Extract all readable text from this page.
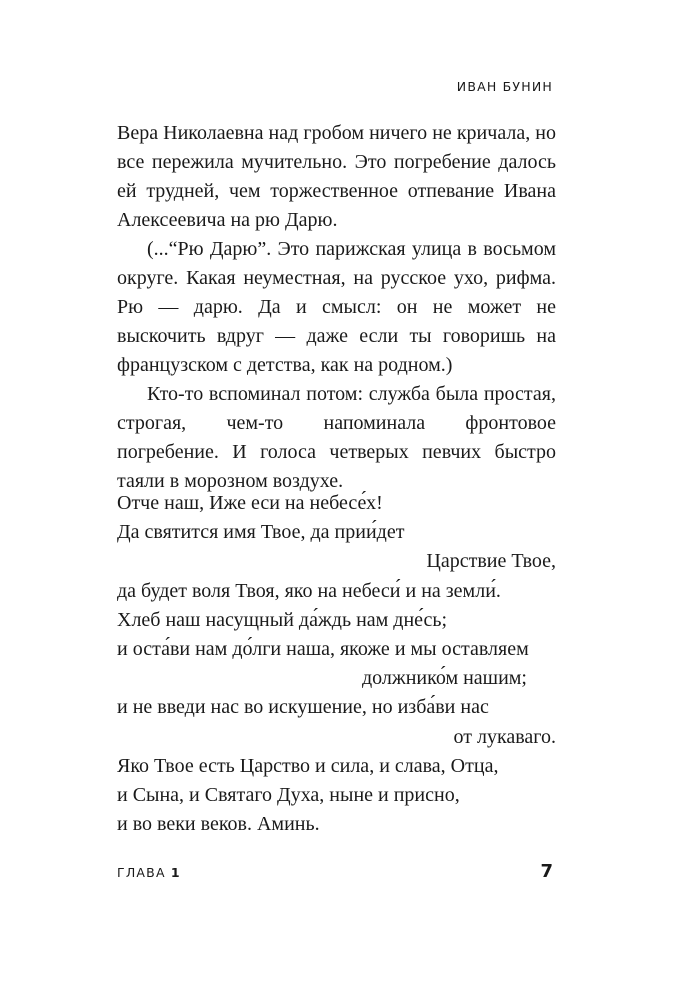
ИВАН БУНИН

Вера Николаевна над гробом ничего не кричала, но все пережила мучительно. Это погребение далось ей трудней, чем торжественное отпевание Ивана Алексеевича на рю Дарю.

(...“Рю Дарю”. Это парижская улица в восьмом округе. Какая неуместная, на русское ухо, рифма. Рю — дарю. Да и смысл: он не может не выскочить вдруг — даже если ты говоришь на французском с детства, как на родном.)

Кто-то вспоминал потом: служба была простая, строгая, чем-то напоминала фронтовое погребение. И голоса четверых певчих быстро таяли в морозном воздухе.

Отче наш, Иже еси на небесе́х!
Да святится имя Твое, да прии́дет
Царствие Твое,
да будет воля Твоя, яко на небеси́ и на земли́.
Хлеб наш насущный да́ждь нам дне́сь;
и оста́ви нам до́лги наша, якоже и мы оставляем
должнико́м нашим;
и не введи нас во искушение, но изба́ви нас
от лукаваго.
Яко Твое есть Царство и сила, и слава, Отца,
и Сына, и Святаго Духа, ныне и присно,
и во веки веков. Аминь.
ГЛАВА 1	7
